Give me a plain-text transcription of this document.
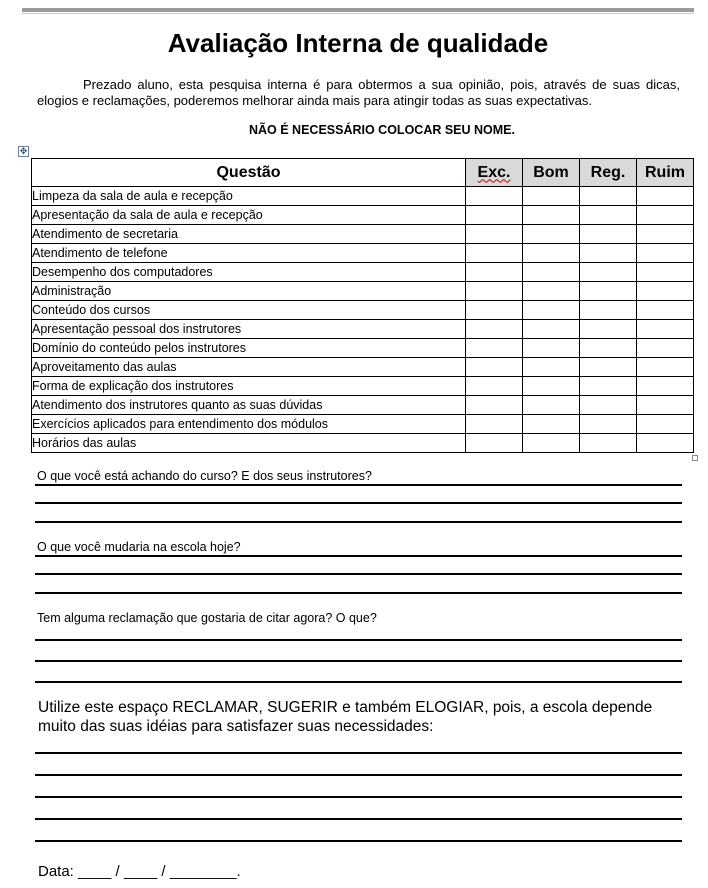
Avaliação Interna de qualidade
Prezado aluno, esta pesquisa interna é para obtermos a sua opinião, pois, através de suas dicas, elogios e reclamações, poderemos melhorar ainda mais para atingir todas as suas expectativas.
NÃO É NECESSÁRIO COLOCAR SEU NOME.
✥
Questão	Exc.	Bom	Reg.	Ruim
Limpeza da sala de aula e recepção				
Apresentação da sala de aula e recepção				
Atendimento de secretaria				
Atendimento de telefone				
Desempenho dos computadores				
Administração				
Conteúdo dos cursos				
Apresentação pessoal dos instrutores				
Domínio do conteúdo pelos instrutores				
Aproveitamento das aulas				
Forma de explicação dos instrutores				
Atendimento dos instrutores quanto as suas dúvidas				
Exercícios aplicados para entendimento dos módulos				
Horários das aulas				
O que você está achando do curso? E dos seus instrutores?
O que você mudaria na escola hoje?
Tem alguma reclamação que gostaria de citar agora? O que?
Utilize este espaço RECLAMAR, SUGERIR e também ELOGIAR, pois, a escola depende muito das suas idéias para satisfazer suas necessidades:
Data: ____ / ____ / ________.
